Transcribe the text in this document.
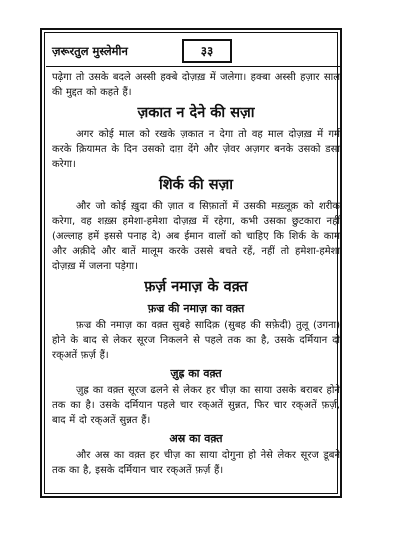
ज़रूरतुल मुस्लेमीन	३३

पढ़ेगा तो उसके बदले अस्सी हक्बे दोज़ख़ में जलेगा। हक्बा अस्सी हज़ार साल की मुद्दत को कहते हैं।

ज़कात न देने की सज़ा

अगर कोई माल को रखके ज़कात न देगा तो वह माल दोज़ख़ में गर्म करके क़ियामत के दिन उसको दाग़ देंगे और ज़ेवर अज़गर बनके उसको डसा करेगा।

शिर्क की सज़ा

और जो कोई ख़ुदा की ज़ात व सिफ़ातों में उसकी मख़्लूक़ को शरीक करेगा, वह शख़्स हमेशा-हमेशा दोज़ख़ में रहेगा, कभी उसका छुटकारा नहीं (अल्लाह हमें इससे पनाह दे) अब ईमान वालों को चाहिए कि शिर्क के काम और अक़ीदे और बातें मालूम करके उससे बचते रहें, नहीं तो हमेशा-हमेशा दोज़ख़ में जलना पड़ेगा।

फ़र्ज़ नमाज़ के वक़्त
फ़ज्र की नमाज़ का वक़्त

फ़ज्र की नमाज़ का वक़्त सुबहे सादिक़ (सुबह की सफ़ेदी) तुलू (उगना) होने के बाद से लेकर सूरज निकलने से पहले तक का है, उसके दर्मियान दो रक्अतें फ़र्ज़ हैं।

ज़ुह्र का वक़्त

ज़ुह्र का वक़्त सूरज ढलने से लेकर हर चीज़ का साया उसके बराबर होने तक का है। उसके दर्मियान पहले चार रक्अतें सुन्नत, फिर चार रक्अतें फ़र्ज़, बाद में दो रक्अतें सुन्नत हैं।

अस्र का वक़्त

और अस्र का वक़्त हर चीज़ का साया दोगुना हो नेसे लेकर सूरज डूबने तक का है, इसके दर्मियान चार रक्अतें फ़र्ज़ हैं।
